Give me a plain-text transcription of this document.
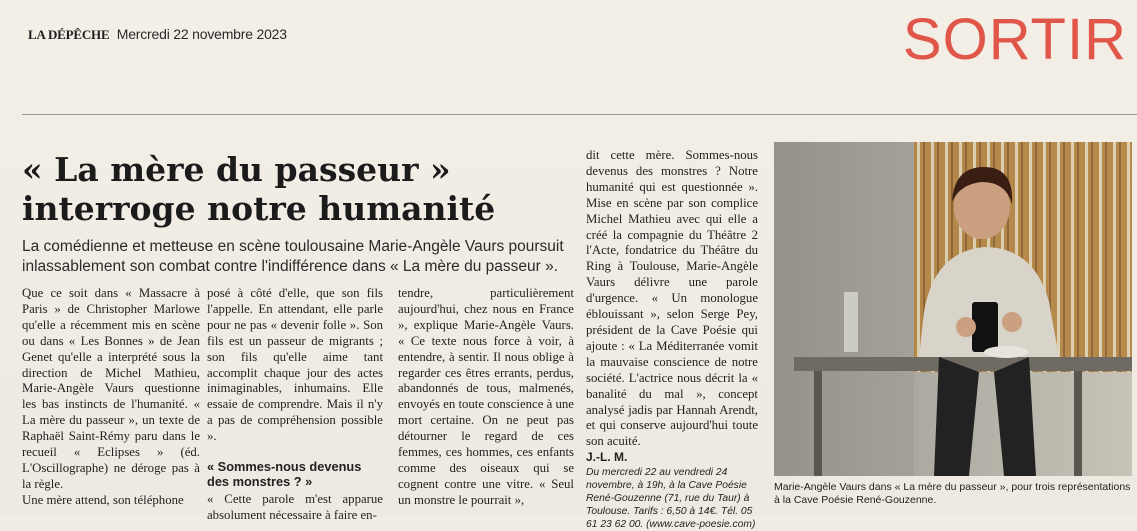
LA DÉPÊCHE Mercredi 22 novembre 2023	SORTIR
« La mère du passeur »
interroge notre humanité

La comédienne et metteuse en scène toulousaine Marie-Angèle Vaurs poursuit inlassablement son combat contre l'indifférence dans « La mère du passeur ».

Que ce soit dans « Massacre à Paris » de Christopher Marlowe qu'elle a récemment mis en scène ou dans « Les Bonnes » de Jean Genet qu'elle a interprété sous la direction de Michel Mathieu, Marie-Angèle Vaurs questionne les bas instincts de l'humanité. « La mère du passeur », un texte de Raphaël Saint-Rémy paru dans le recueil « Eclipses » (éd. L'Oscillographe) ne déroge pas à la règle.

Une mère attend, son téléphone

posé à côté d'elle, que son fils l'appelle. En attendant, elle parle pour ne pas « devenir folle ». Son fils est un passeur de migrants ; son fils qu'elle aime tant accomplit chaque jour des actes inimaginables, inhumains. Elle essaie de comprendre. Mais il n'y a pas de compréhension possible ».

« Sommes-nous devenus des monstres ? »

« Cette parole m'est apparue absolument nécessaire à faire en-

tendre, particulièrement aujourd'hui, chez nous en France », explique Marie-Angèle Vaurs. « Ce texte nous force à voir, à entendre, à sentir. Il nous oblige à regarder ces êtres errants, perdus, abandonnés de tous, malmenés, envoyés en toute conscience à une mort certaine. On ne peut pas détourner le regard de ces femmes, ces hommes, ces enfants comme des oiseaux qui se cognent contre une vitre. « Seul un monstre le pourrait »,

dit cette mère. Sommes-nous devenus des monstres ? Notre humanité qui est questionnée ». Mise en scène par son complice Michel Mathieu avec qui elle a créé la compagnie du Théâtre 2 l'Acte, fondatrice du Théâtre du Ring à Toulouse, Marie-Angèle Vaurs délivre une parole d'urgence. « Un monologue éblouissant », selon Serge Pey, président de la Cave Poésie qui ajoute : « La Méditerranée vomit la mauvaise conscience de notre société. L'actrice nous décrit la « banalité du mal », concept analysé jadis par Hannah Arendt, et qui conserve aujourd'hui toute son acuité.

J.-L. M.

Du mercredi 22 au vendredi 24 novembre, à 19h, à la Cave Poésie René-Gouzenne (71, rue du Taur) à Toulouse. Tarifs : 6,50 à 14€. Tél. 05 61 23 62 00. (www.cave-poesie.com)

Marie-Angèle Vaurs dans « La mère du passeur », pour trois représentations à la Cave Poésie René-Gouzenne.
